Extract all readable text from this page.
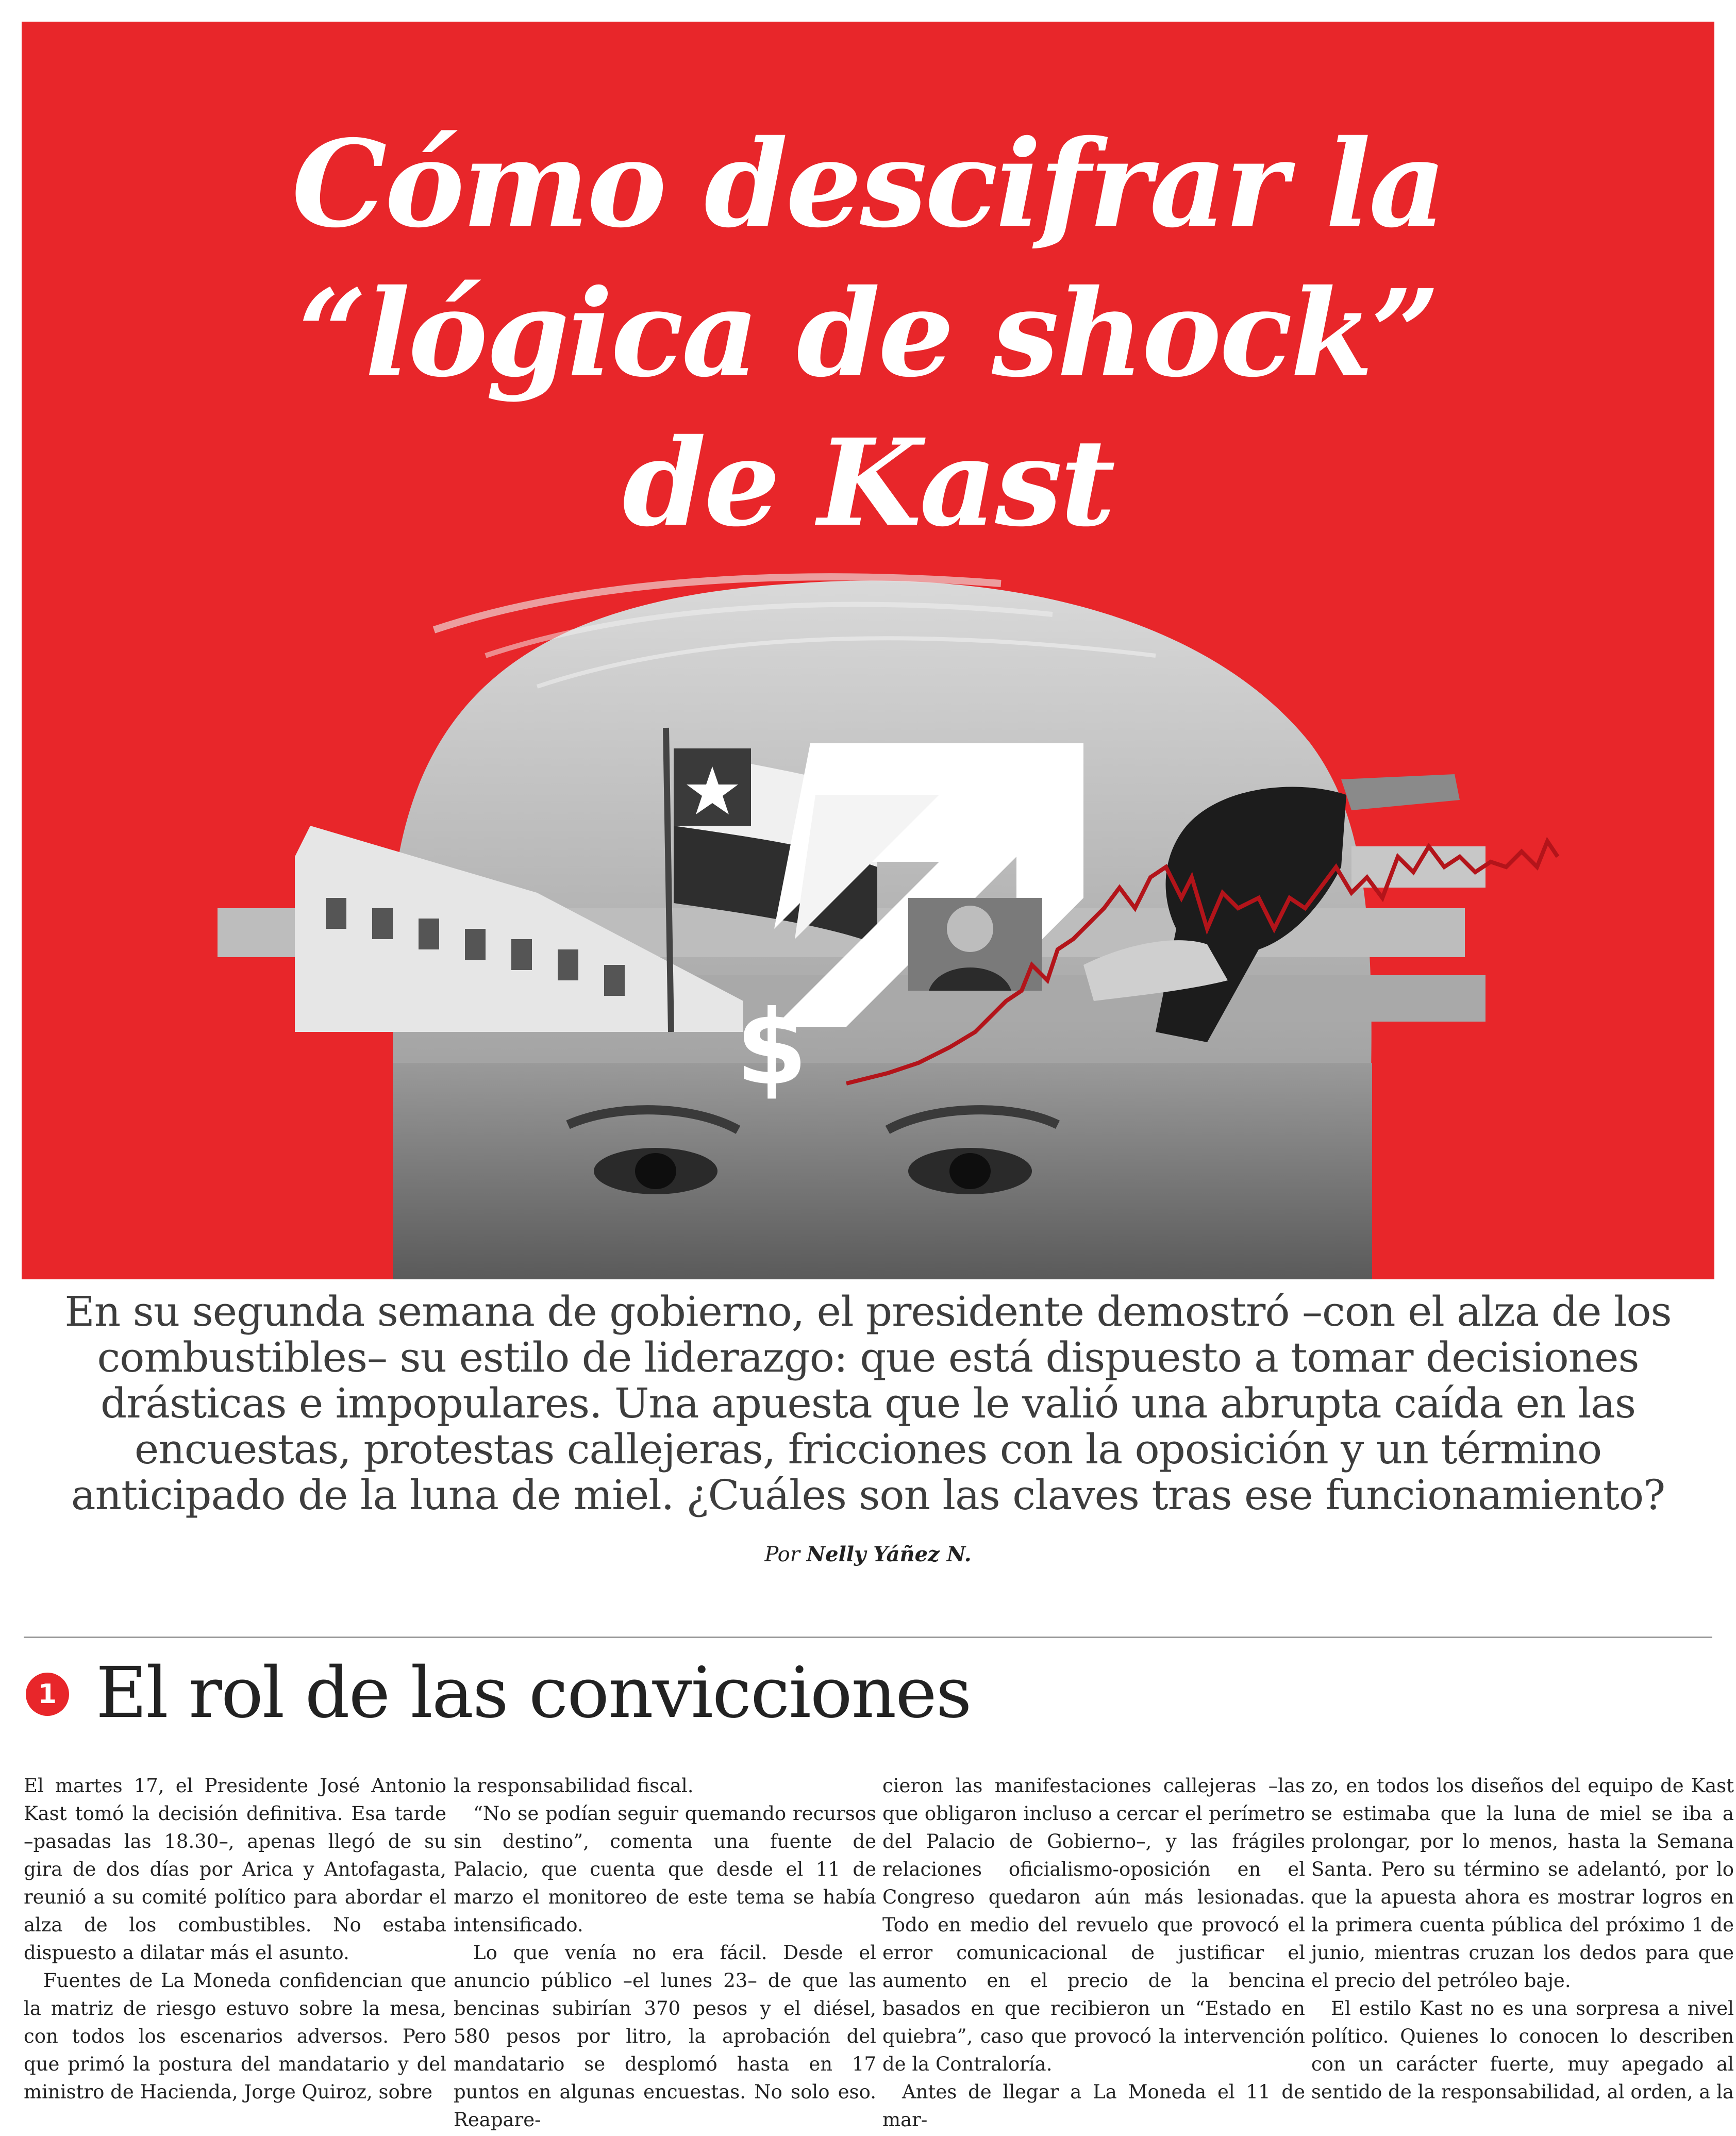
Cómo descifrar la
“lógica de shock”
de Kast
$

En su segunda semana de gobierno, el presidente demostró –con el alza de los combustibles– su estilo de liderazgo: que está dispuesto a tomar decisiones drásticas e impopulares. Una apuesta que le valió una abrupta caída en las encuestas, protestas callejeras, fricciones con la oposición y un término anticipado de la luna de miel. ¿Cuáles son las claves tras ese funcionamiento?

Por Nelly Yáñez N.
1 El rol de las convicciones

El martes 17, el Presidente José Antonio Kast tomó la decisión definitiva. Esa tarde –pasadas las 18.30–, apenas llegó de su gira de dos días por Arica y Antofagasta, reunió a su comité político para abordar el alza de los combustibles. No estaba dispuesto a dilatar más el asunto.

Fuentes de La Moneda confidencian que la matriz de riesgo estuvo sobre la mesa, con todos los escenarios adversos. Pero que primó la postura del mandatario y del ministro de Hacienda, Jorge Quiroz, sobre

la responsabilidad fiscal.

“No se podían seguir quemando recursos sin destino”, comenta una fuente de Palacio, que cuenta que desde el 11 de marzo el monitoreo de este tema se había intensificado.

Lo que venía no era fácil. Desde el anuncio público –el lunes 23– de que las bencinas subirían 370 pesos y el diésel, 580 pesos por litro, la aprobación del mandatario se desplomó hasta en 17 puntos en algunas encuestas. No solo eso. Reapare-

cieron las manifestaciones callejeras –las que obligaron incluso a cercar el perímetro del Palacio de Gobierno–, y las frágiles relaciones oficialismo-oposición en el Congreso quedaron aún más lesionadas. Todo en medio del revuelo que provocó el error comunicacional de justificar el aumento en el precio de la bencina basados en que recibieron un “Estado en quiebra”, caso que provocó la intervención de la Contraloría.

Antes de llegar a La Moneda el 11 de mar-

zo, en todos los diseños del equipo de Kast se estimaba que la luna de miel se iba a prolongar, por lo menos, hasta la Semana Santa. Pero su término se adelantó, por lo que la apuesta ahora es mostrar logros en la primera cuenta pública del próximo 1 de junio, mientras cruzan los dedos para que el precio del petróleo baje.

El estilo Kast no es una sorpresa a nivel político. Quienes lo conocen lo describen con un carácter fuerte, muy apegado al sentido de la responsabilidad, al orden, a la
